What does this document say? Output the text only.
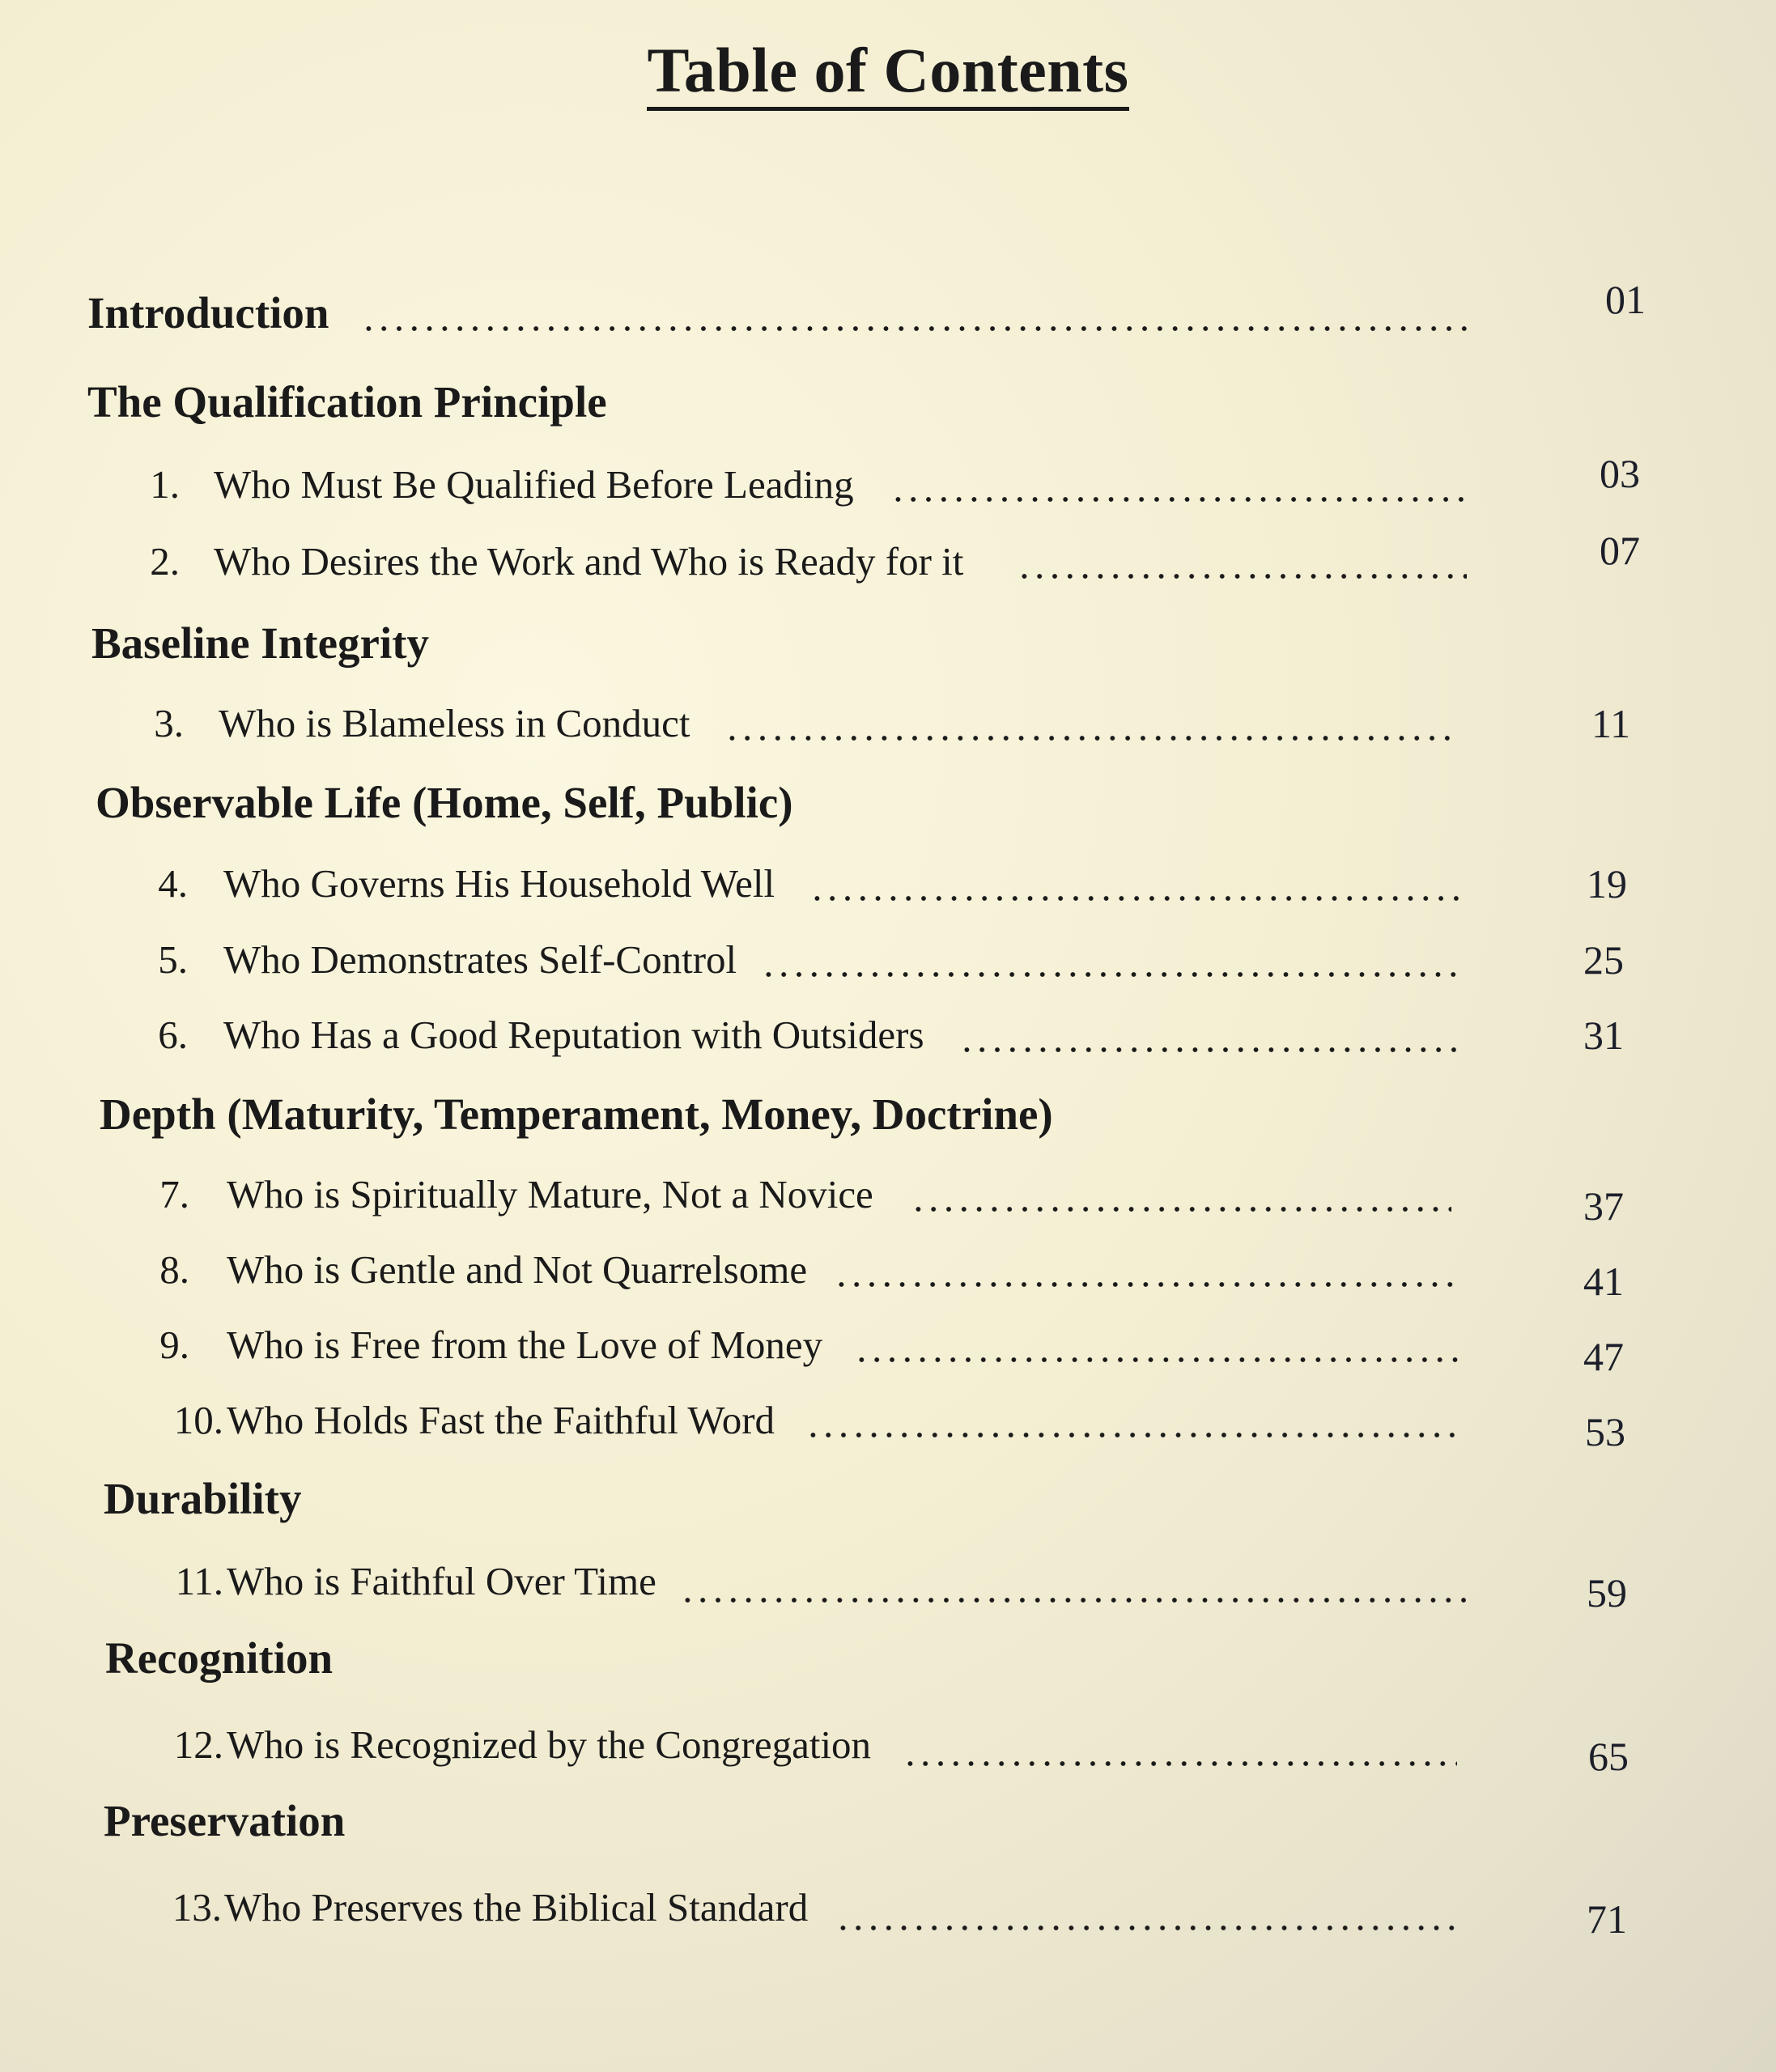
Table of Contents
Introduction	01
The Qualification Principle
1. Who Must Be Qualified Before Leading	03
2. Who Desires the Work and Who is Ready for it	07
Baseline Integrity
3. Who is Blameless in Conduct	11
Observable Life (Home, Self, Public)
4. Who Governs His Household Well	19
5. Who Demonstrates Self-Control	25
6. Who Has a Good Reputation with Outsiders	31
Depth (Maturity, Temperament, Money, Doctrine)
7. Who is Spiritually Mature, Not a Novice	37
8. Who is Gentle and Not Quarrelsome	41
9. Who is Free from the Love of Money	47
10. Who Holds Fast the Faithful Word	53
Durability
11. Who is Faithful Over Time	59
Recognition
12. Who is Recognized by the Congregation	65
Preservation
13. Who Preserves the Biblical Standard	71
